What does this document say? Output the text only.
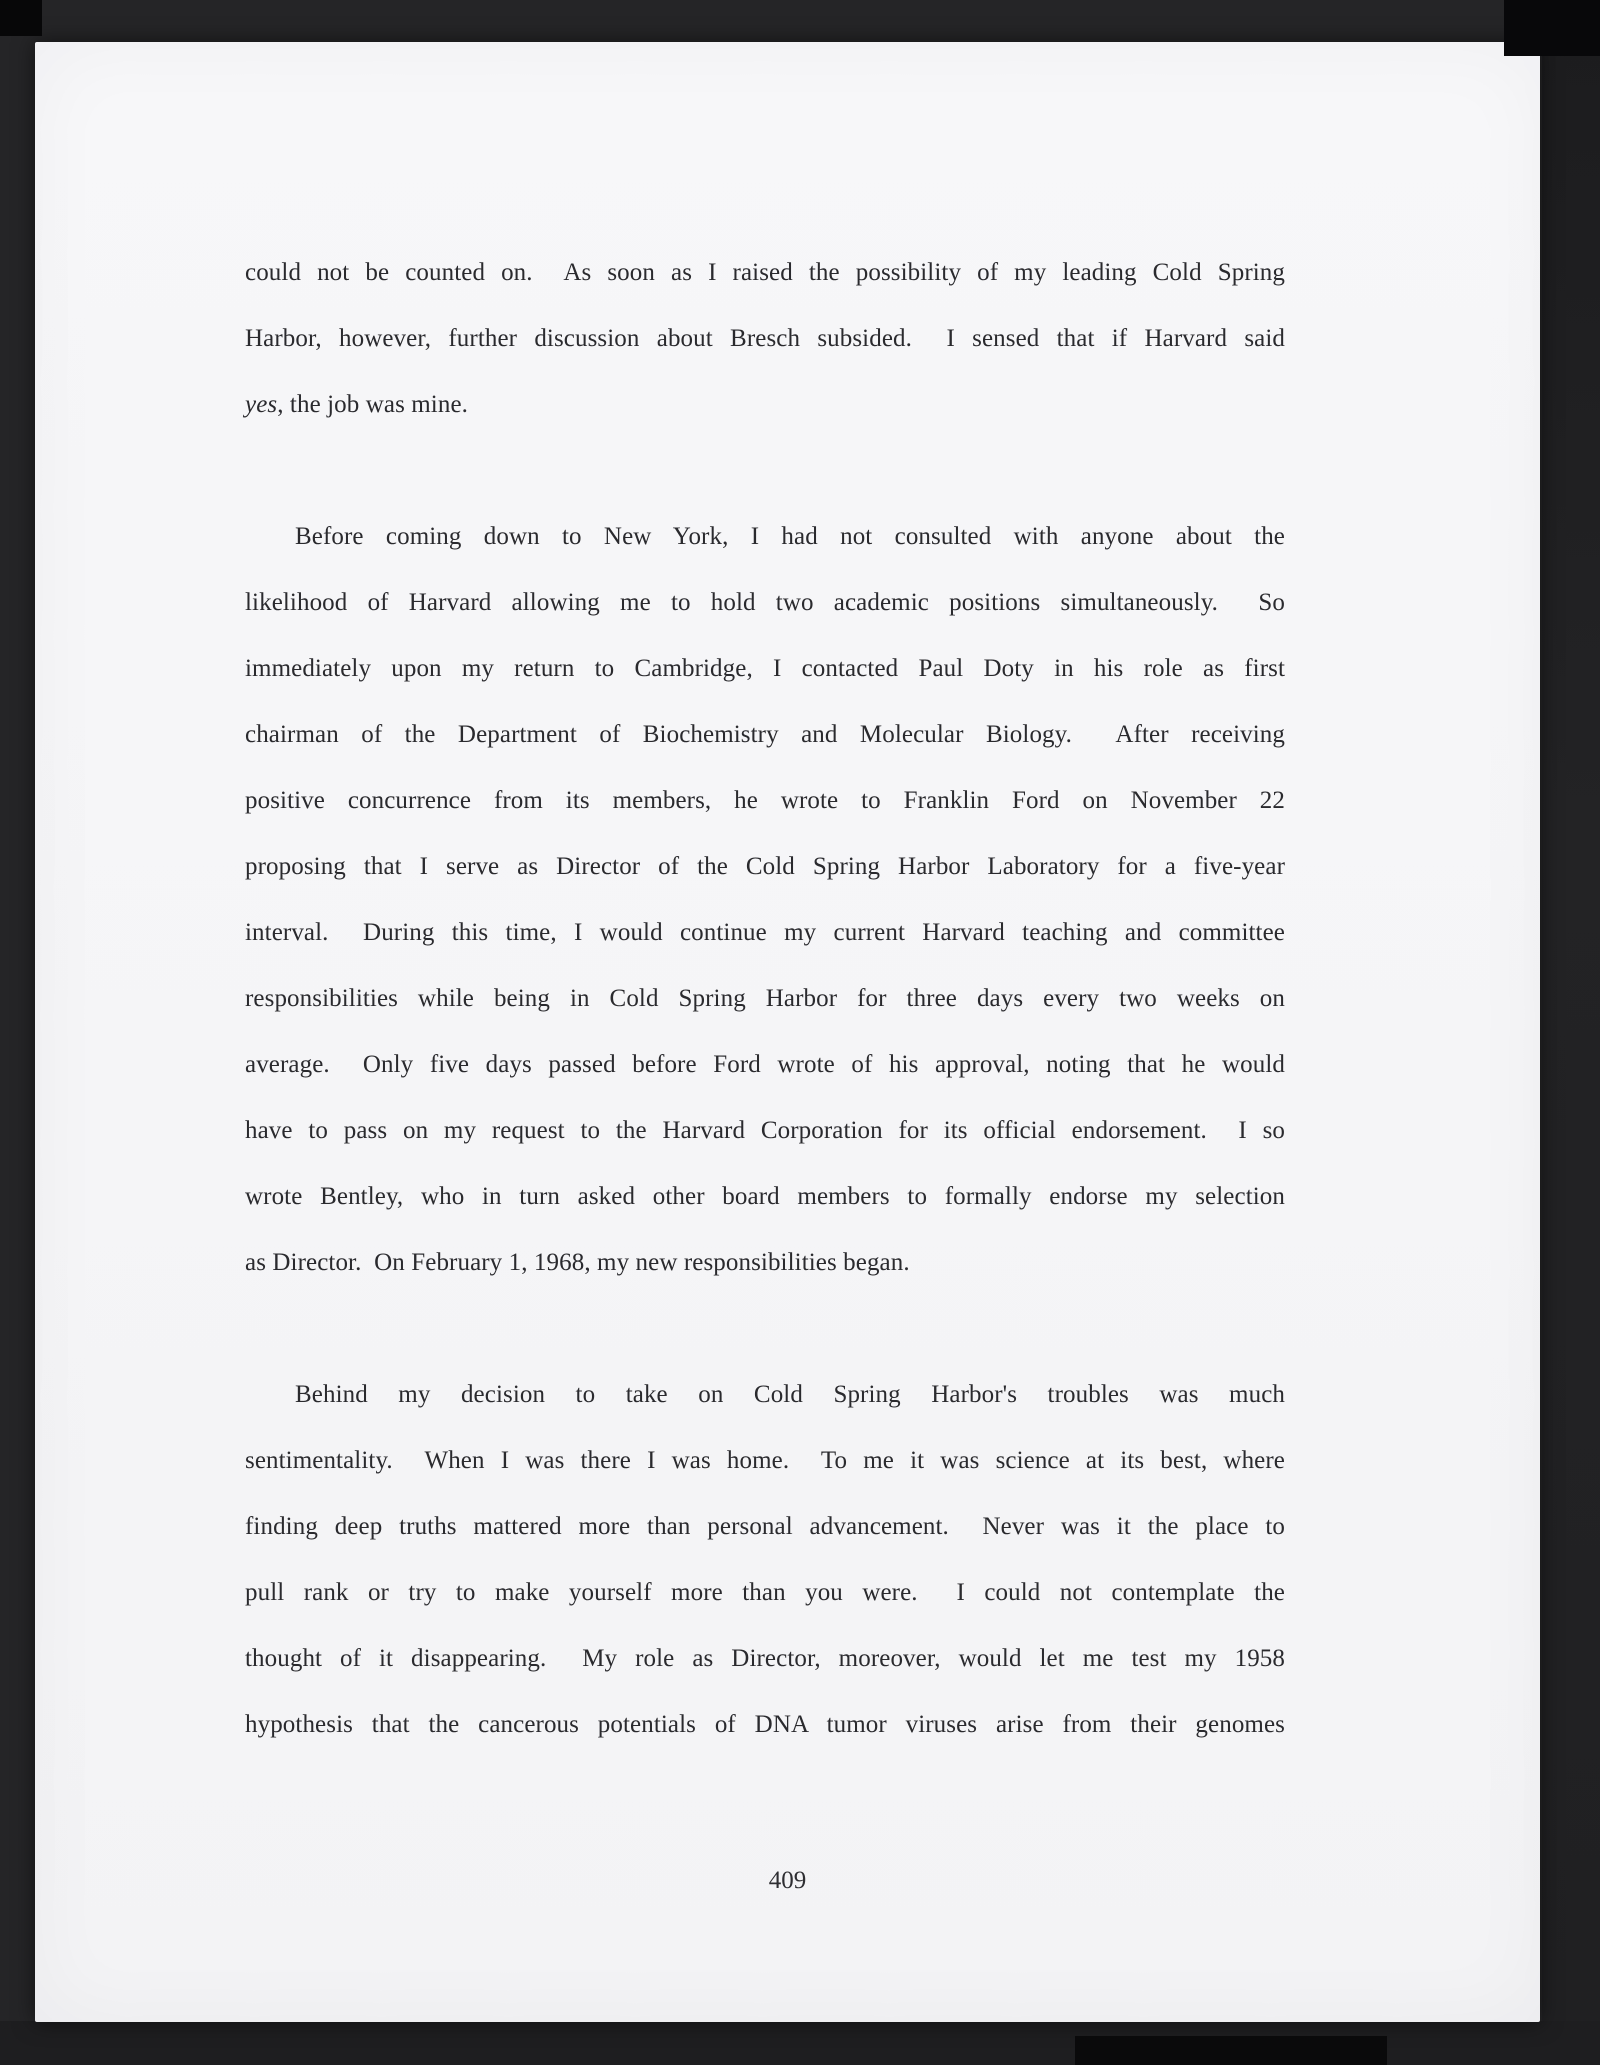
could not be counted on.  As soon as I raised the possibility of my leading Cold Spring
Harbor, however, further discussion about Bresch subsided.  I sensed that if Harvard said
yes, the job was mine.
Before coming down to New York, I had not consulted with anyone about the
likelihood of Harvard allowing me to hold two academic positions simultaneously.  So
immediately upon my return to Cambridge, I contacted Paul Doty in his role as first
chairman of the Department of Biochemistry and Molecular Biology.  After receiving
positive concurrence from its members, he wrote to Franklin Ford on November 22
proposing that I serve as Director of the Cold Spring Harbor Laboratory for a five-year
interval.  During this time, I would continue my current Harvard teaching and committee
responsibilities while being in Cold Spring Harbor for three days every two weeks on
average.  Only five days passed before Ford wrote of his approval, noting that he would
have to pass on my request to the Harvard Corporation for its official endorsement.  I so
wrote Bentley, who in turn asked other board members to formally endorse my selection
as Director.  On February 1, 1968, my new responsibilities began.
Behind my decision to take on Cold Spring Harbor's troubles was much
sentimentality.  When I was there I was home.  To me it was science at its best, where
finding deep truths mattered more than personal advancement.  Never was it the place to
pull rank or try to make yourself more than you were.  I could not contemplate the
thought of it disappearing.  My role as Director, moreover, would let me test my 1958
hypothesis that the cancerous potentials of DNA tumor viruses arise from their genomes
409
